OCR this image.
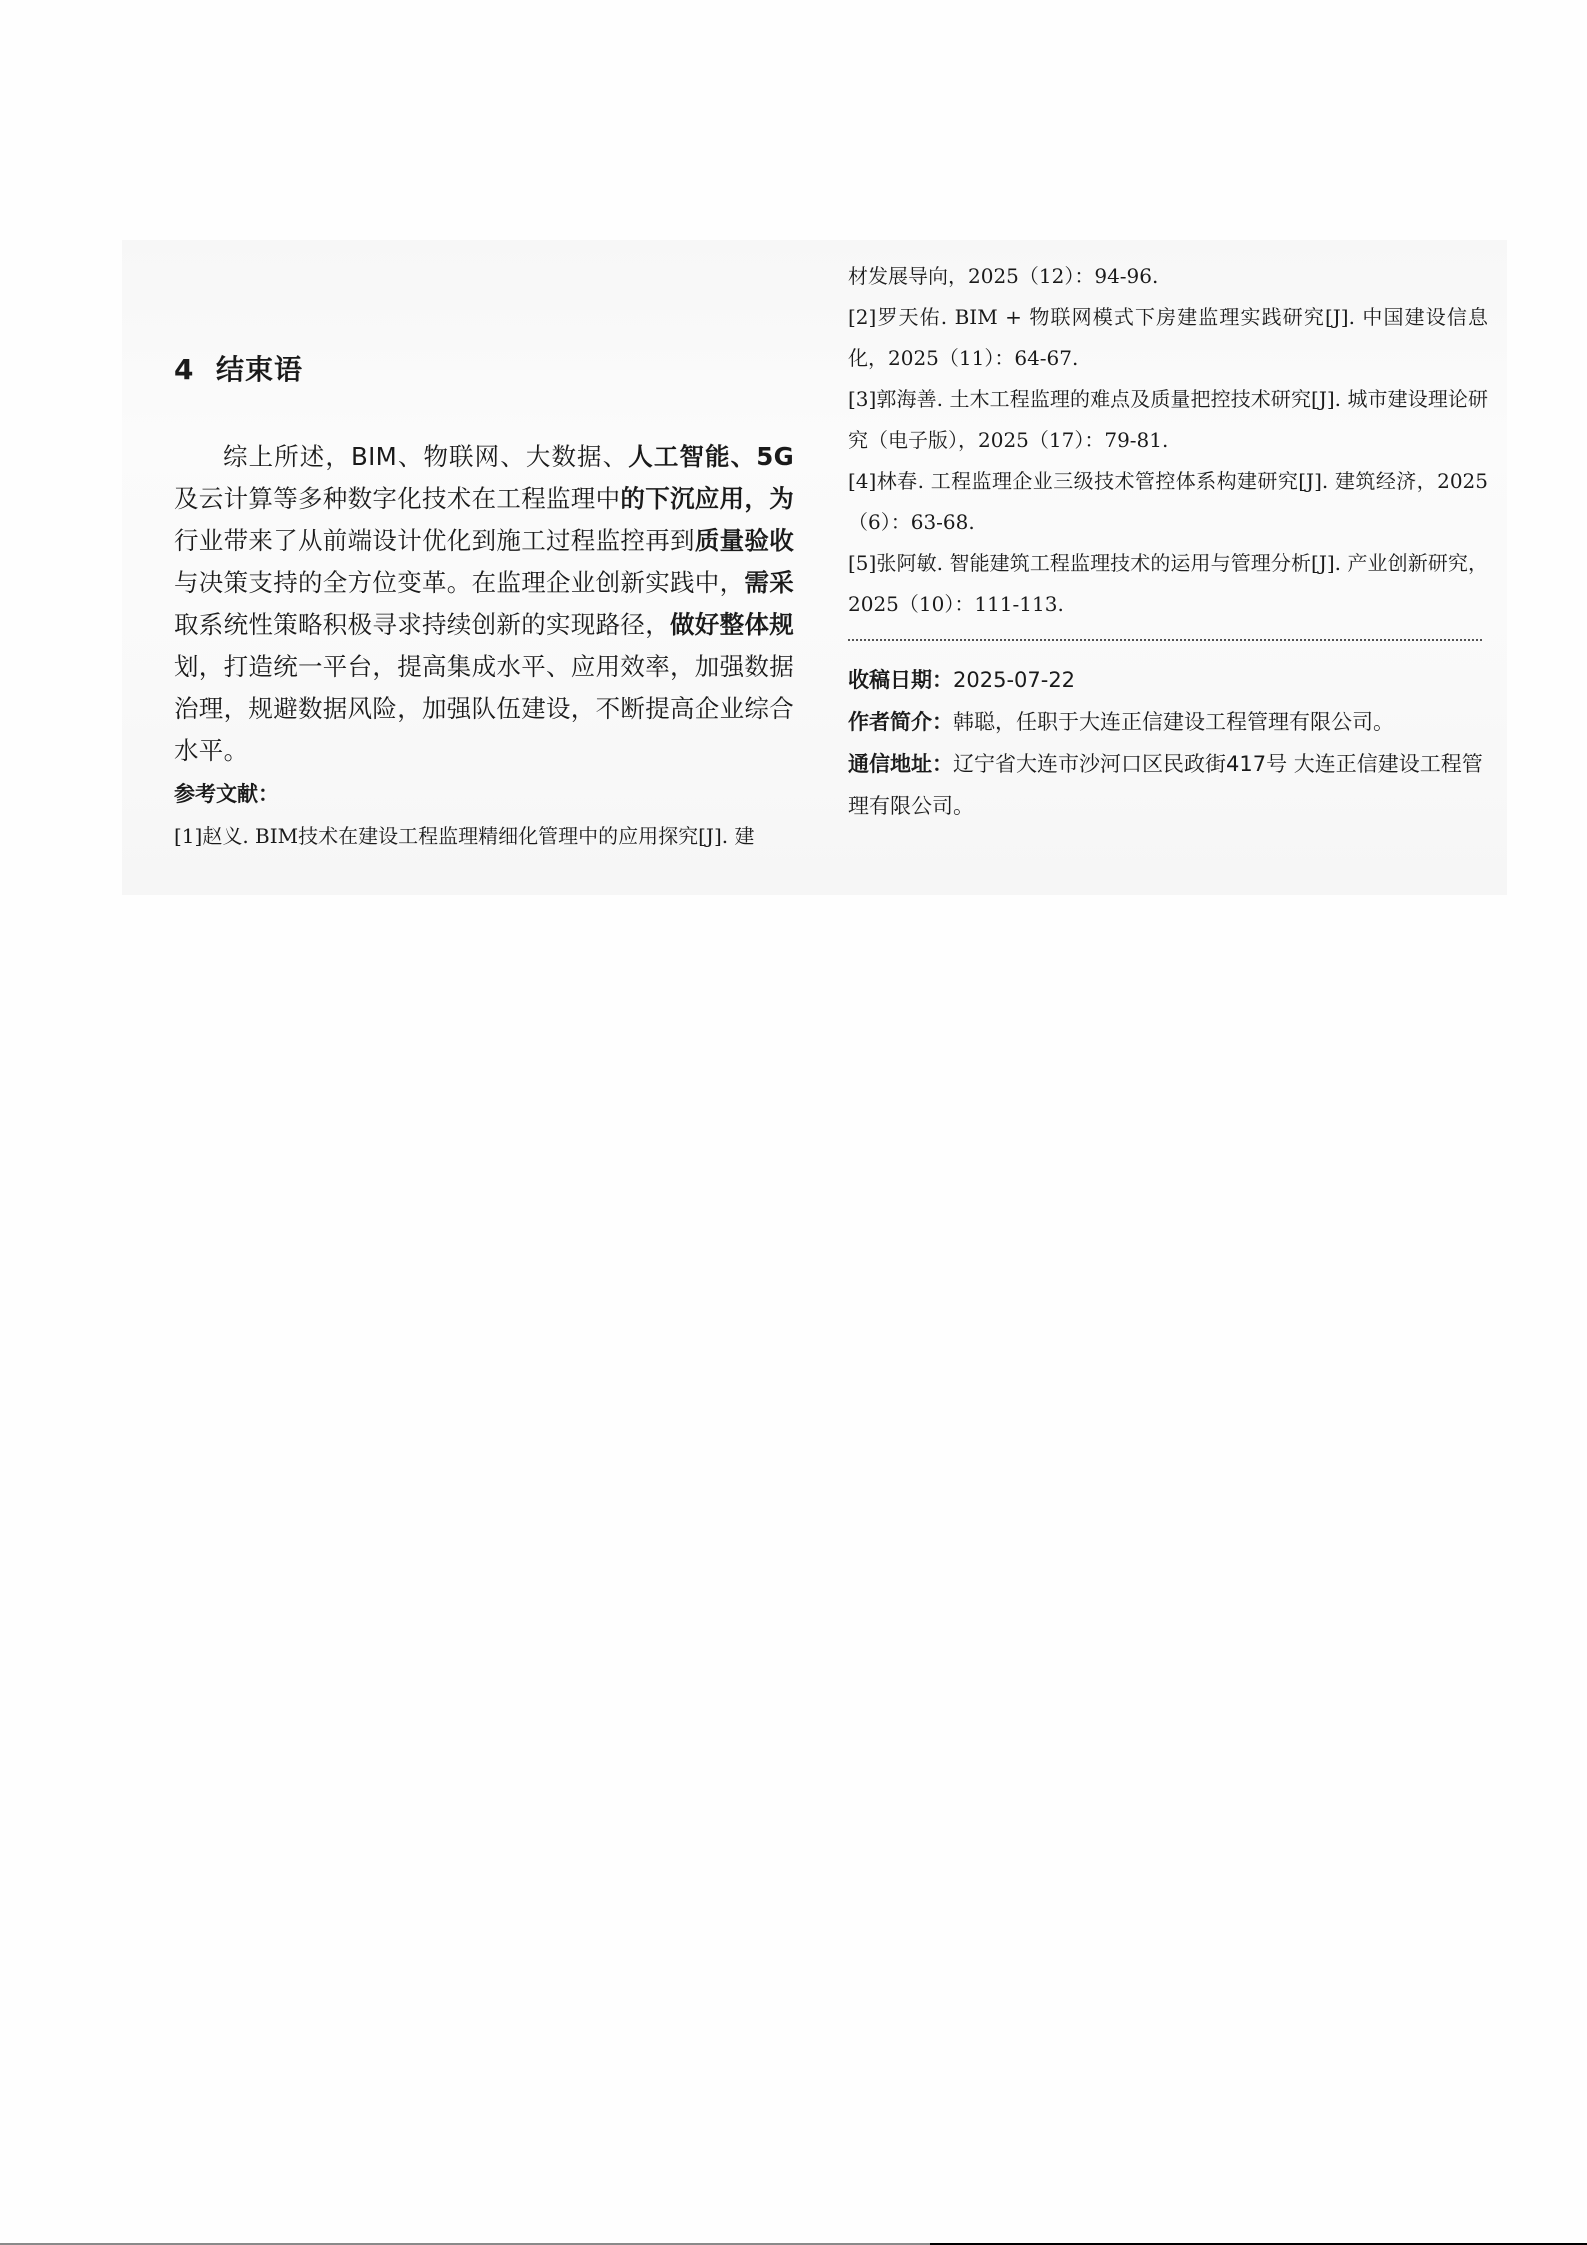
4 结束语

综上所述，BIM、物联网、大数据、人工智能、5G及云计算等多种数字化技术在工程监理中的下沉应用，为行业带来了从前端设计优化到施工过程监控再到质量验收与决策支持的全方位变革。在监理企业创新实践中，需采取系统性策略积极寻求持续创新的实现路径，做好整体规划，打造统一平台，提高集成水平、应用效率，加强数据治理，规避数据风险，加强队伍建设，不断提高企业综合水平。

参考文献：

[1]赵义. BIM技术在建设工程监理精细化管理中的应用探究[J]. 建

材发展导向，2025（12）：94-96.

[2]罗天佑. BIM + 物联网模式下房建监理实践研究[J]. 中国建设信息化，2025（11）：64-67.

[3]郭海善. 土木工程监理的难点及质量把控技术研究[J]. 城市建设理论研究（电子版），2025（17）：79-81.

[4]林春. 工程监理企业三级技术管控体系构建研究[J]. 建筑经济，2025（6）：63-68.

[5]张阿敏. 智能建筑工程监理技术的运用与管理分析[J]. 产业创新研究，2025（10）：111-113.

收稿日期：2025-07-22

作者简介：韩聪，任职于大连正信建设工程管理有限公司。

通信地址：辽宁省大连市沙河口区民政街417号 大连正信建设工程管理有限公司。
